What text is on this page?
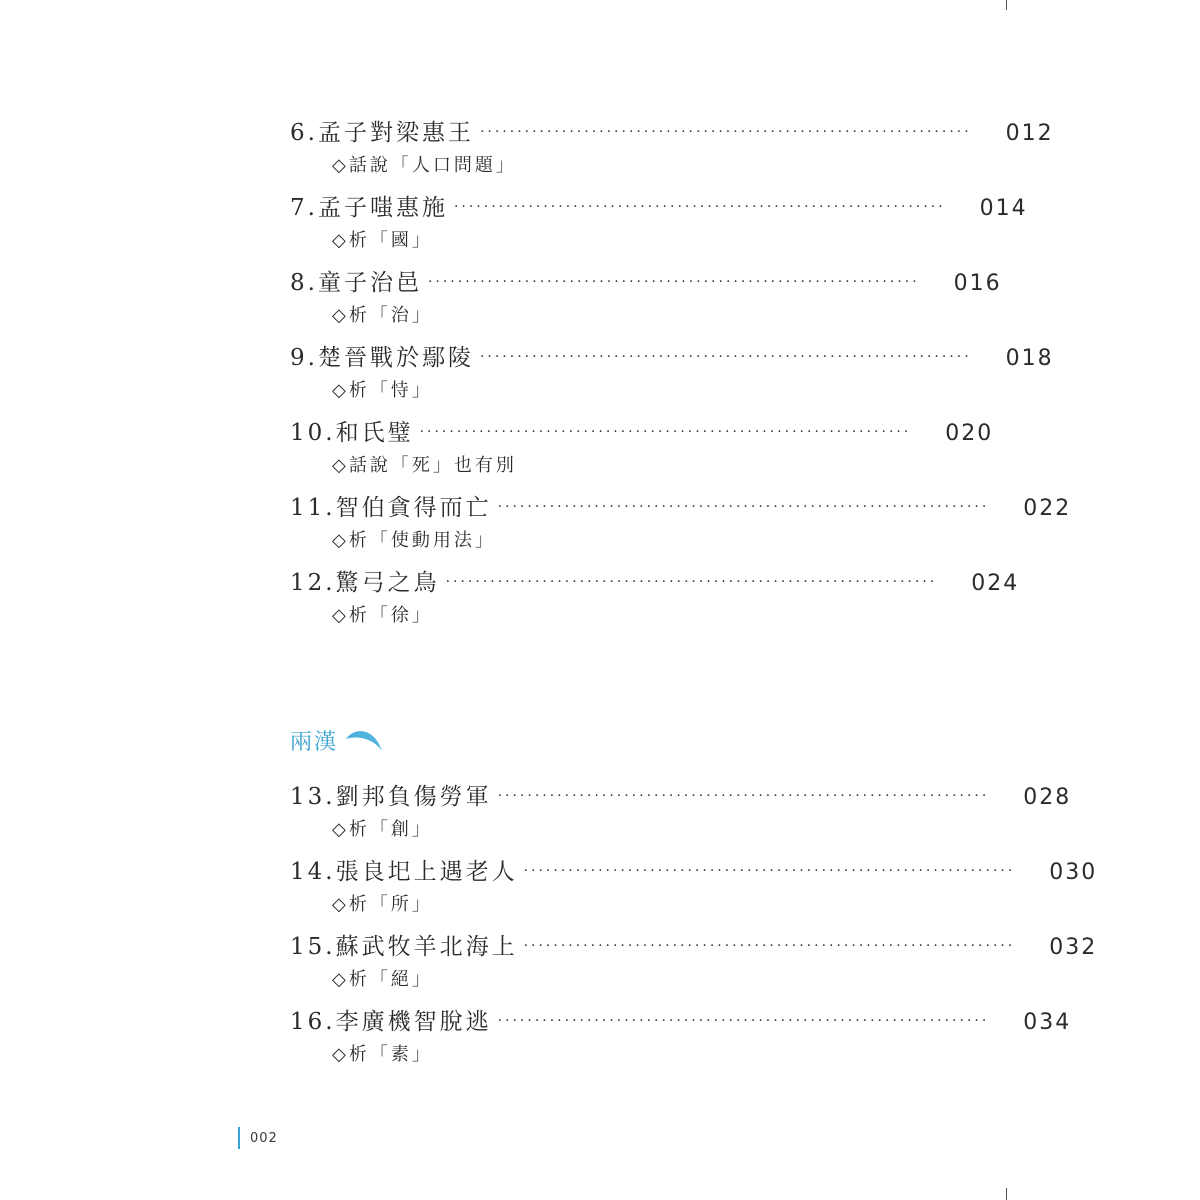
6.孟子對梁惠王 ··································································	012
◇話說「人口問題」
7.孟子嗤惠施 ··································································	014
◇析「國」
8.童子治邑 ··································································	016
◇析「治」
9.楚晉戰於鄢陵 ··································································	018
◇析「恃」
10.和氏璧 ··································································	020
◇話說「死」也有別
11.智伯貪得而亡 ··································································	022
◇析「使動用法」
12.驚弓之鳥 ··································································	024
◇析「徐」
兩漢
13.劉邦負傷勞軍 ··································································	028
◇析「創」
14.張良圯上遇老人 ··································································	030
◇析「所」
15.蘇武牧羊北海上 ··································································	032
◇析「絕」
16.李廣機智脫逃 ··································································	034
◇析「素」
002
